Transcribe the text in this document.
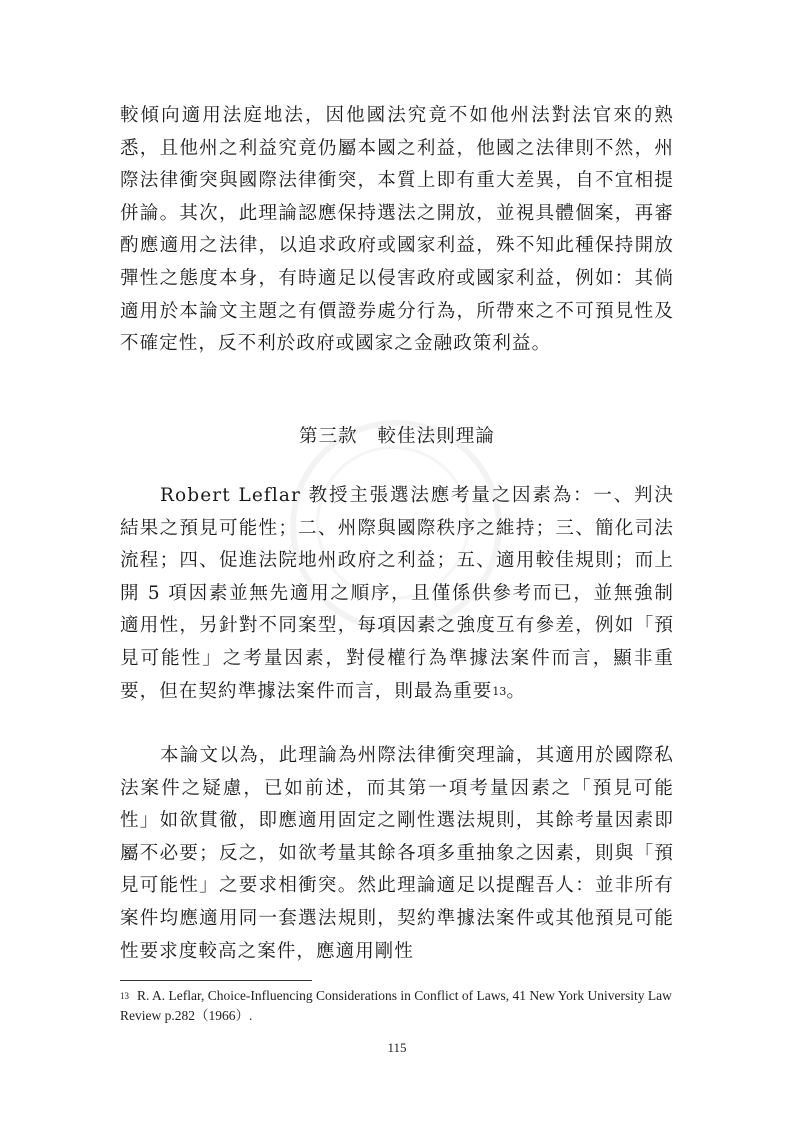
較傾向適用法庭地法，因他國法究竟不如他州法對法官來的熟悉，且他州之利益究竟仍屬本國之利益，他國之法律則不然，州際法律衝突與國際法律衝突，本質上即有重大差異，自不宜相提併論。其次，此理論認應保持選法之開放，並視具體個案，再審酌應適用之法律，以追求政府或國家利益，殊不知此種保持開放彈性之態度本身，有時適足以侵害政府或國家利益，例如：其倘適用於本論文主題之有價證券處分行為，所帶來之不可預見性及不確定性，反不利於政府或國家之金融政策利益。

第三款　較佳法則理論

Robert Leflar 教授主張選法應考量之因素為：一、判決結果之預見可能性；二、州際與國際秩序之維持；三、簡化司法流程；四、促進法院地州政府之利益；五、適用較佳規則；而上開 5 項因素並無先適用之順序，且僅係供參考而已，並無強制適用性，另針對不同案型，每項因素之強度互有參差，例如「預見可能性」之考量因素，對侵權行為準據法案件而言，顯非重要，但在契約準據法案件而言，則最為重要$^{13}$。

本論文以為，此理論為州際法律衝突理論，其適用於國際私法案件之疑慮，已如前述，而其第一項考量因素之「預見可能性」如欲貫徹，即應適用固定之剛性選法規則，其餘考量因素即屬不必要；反之，如欲考量其餘各項多重抽象之因素，則與「預見可能性」之要求相衝突。然此理論適足以提醒吾人：並非所有案件均應適用同一套選法規則，契約準據法案件或其他預見可能性要求度較高之案件，應適用剛性

$^{13}$ R. A. Leflar, Choice-Influencing Considerations in Conflict of Laws, 41 New York University Law Review p.282（1966）.
115
